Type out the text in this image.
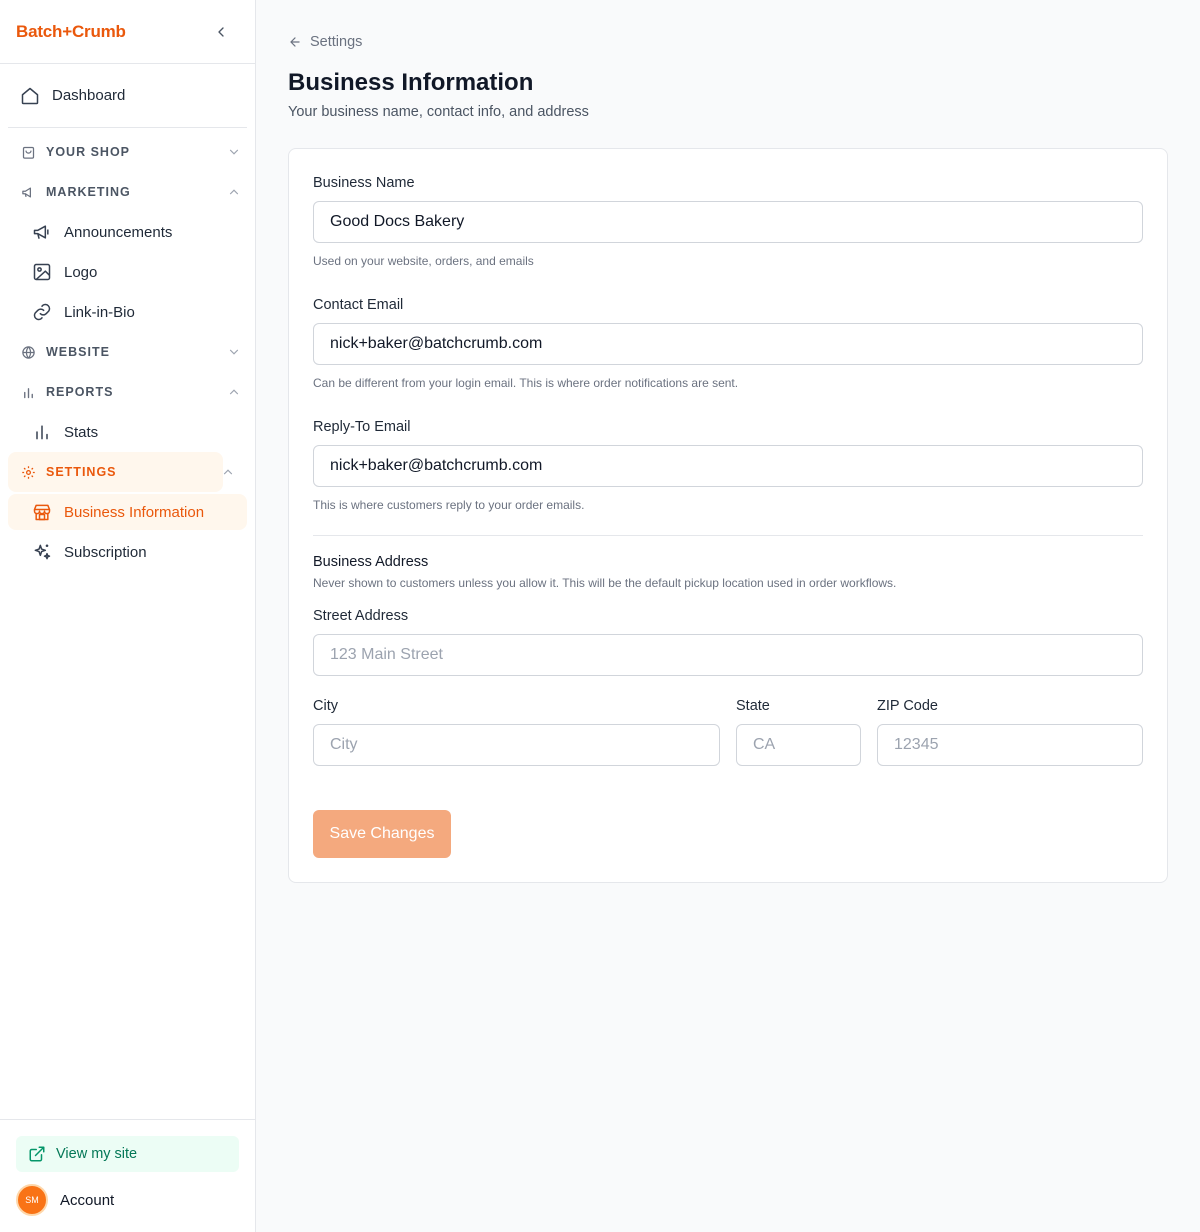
Batch+Crumb
Dashboard
YOUR SHOP
MARKETING
Announcements
Logo
Link-in-Bio
WEBSITE
REPORTS
Stats
SETTINGS
Business Information
Subscription
View my site
SM	Account
Settings
Business Information

Your business name, contact info, and address

Business Name
Good Docs Bakery
Used on your website, orders, and emails
Contact Email
nick+baker@batchcrumb.com
Can be different from your login email. This is where order notifications are sent.
Reply-To Email
nick+baker@batchcrumb.com
This is where customers reply to your order emails.
Business Address
Never shown to customers unless you allow it. This will be the default pickup location used in order workflows.
Street Address
123 Main Street
City
City
State
CA
ZIP Code
12345
Save Changes
